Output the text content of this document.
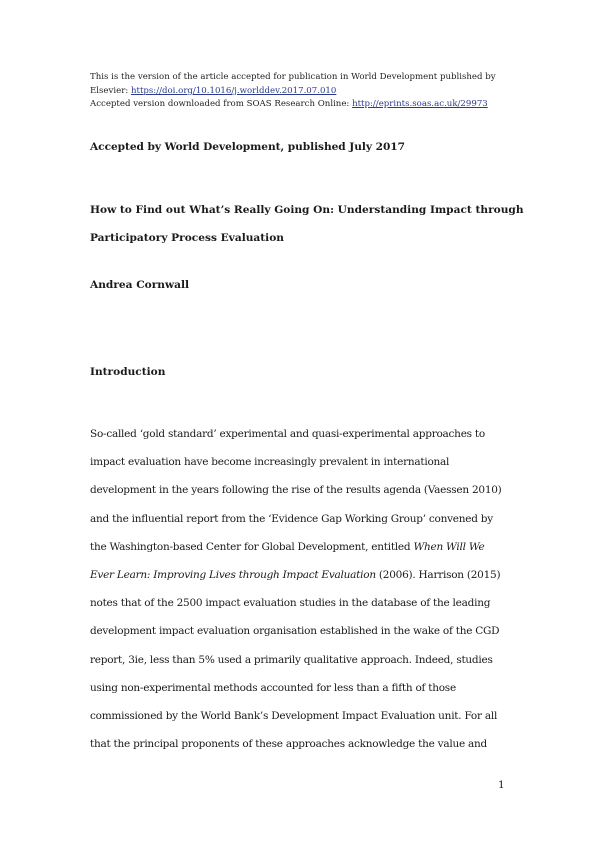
This is the version of the article accepted for publication in World Development published by
Elsevier: https://doi.org/10.1016/j.worlddev.2017.07.010
Accepted version downloaded from SOAS Research Online: http://eprints.soas.ac.uk/29973
Accepted by World Development, published July 2017
How to Find out What’s Really Going On: Understanding Impact through
Participatory Process Evaluation
Andrea Cornwall
Introduction
So-called ‘gold standard’ experimental and quasi-experimental approaches to
impact evaluation have become increasingly prevalent in international
development in the years following the rise of the results agenda (Vaessen 2010)
and the influential report from the ‘Evidence Gap Working Group’ convened by
the Washington-based Center for Global Development, entitled When Will We
Ever Learn: Improving Lives through Impact Evaluation (2006). Harrison (2015)
notes that of the 2500 impact evaluation studies in the database of the leading
development impact evaluation organisation established in the wake of the CGD
report, 3ie, less than 5% used a primarily qualitative approach. Indeed, studies
using non-experimental methods accounted for less than a fifth of those
commissioned by the World Bank’s Development Impact Evaluation unit. For all
that the principal proponents of these approaches acknowledge the value and
1
